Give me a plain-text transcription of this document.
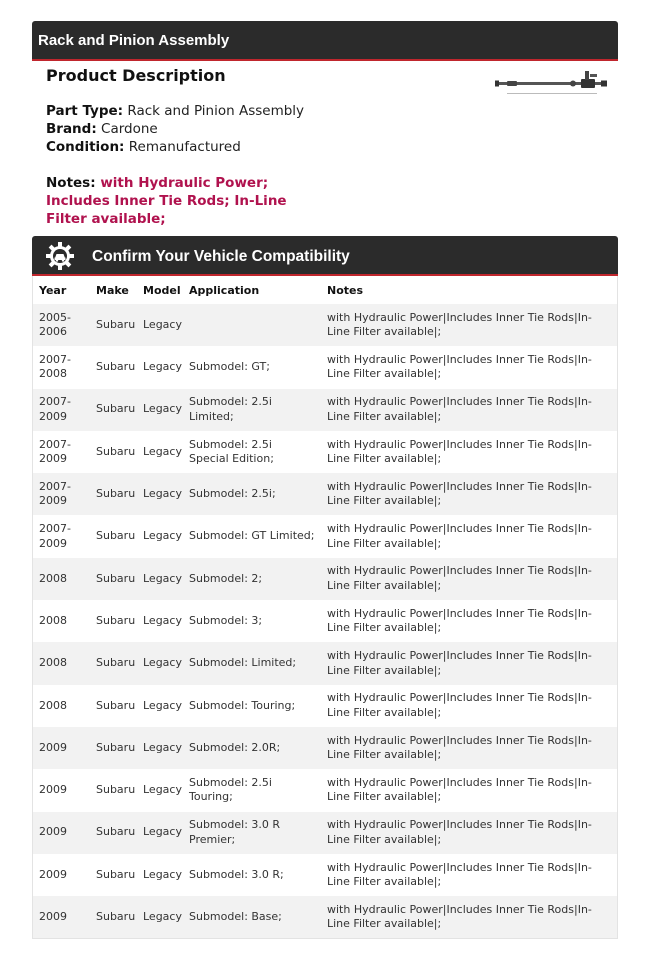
Rack and Pinion Assembly
Product Description
Part Type: Rack and Pinion Assembly
Brand: Cardone
Condition: Remanufactured
Notes: with Hydraulic Power; Includes Inner Tie Rods; In-Line Filter available;
Confirm Your Vehicle Compatibility
Year	Make	Model	Application	Notes
2005-2006	Subaru	Legacy		with Hydraulic Power|Includes Inner Tie Rods|In-Line Filter available|;
2007-2008	Subaru	Legacy	Submodel: GT;	with Hydraulic Power|Includes Inner Tie Rods|In-Line Filter available|;
2007-2009	Subaru	Legacy	Submodel: 2.5i Limited;	with Hydraulic Power|Includes Inner Tie Rods|In-Line Filter available|;
2007-2009	Subaru	Legacy	Submodel: 2.5i Special Edition;	with Hydraulic Power|Includes Inner Tie Rods|In-Line Filter available|;
2007-2009	Subaru	Legacy	Submodel: 2.5i;	with Hydraulic Power|Includes Inner Tie Rods|In-Line Filter available|;
2007-2009	Subaru	Legacy	Submodel: GT Limited;	with Hydraulic Power|Includes Inner Tie Rods|In-Line Filter available|;
2008	Subaru	Legacy	Submodel: 2;	with Hydraulic Power|Includes Inner Tie Rods|In-Line Filter available|;
2008	Subaru	Legacy	Submodel: 3;	with Hydraulic Power|Includes Inner Tie Rods|In-Line Filter available|;
2008	Subaru	Legacy	Submodel: Limited;	with Hydraulic Power|Includes Inner Tie Rods|In-Line Filter available|;
2008	Subaru	Legacy	Submodel: Touring;	with Hydraulic Power|Includes Inner Tie Rods|In-Line Filter available|;
2009	Subaru	Legacy	Submodel: 2.0R;	with Hydraulic Power|Includes Inner Tie Rods|In-Line Filter available|;
2009	Subaru	Legacy	Submodel: 2.5i Touring;	with Hydraulic Power|Includes Inner Tie Rods|In-Line Filter available|;
2009	Subaru	Legacy	Submodel: 3.0 R Premier;	with Hydraulic Power|Includes Inner Tie Rods|In-Line Filter available|;
2009	Subaru	Legacy	Submodel: 3.0 R;	with Hydraulic Power|Includes Inner Tie Rods|In-Line Filter available|;
2009	Subaru	Legacy	Submodel: Base;	with Hydraulic Power|Includes Inner Tie Rods|In-Line Filter available|;
